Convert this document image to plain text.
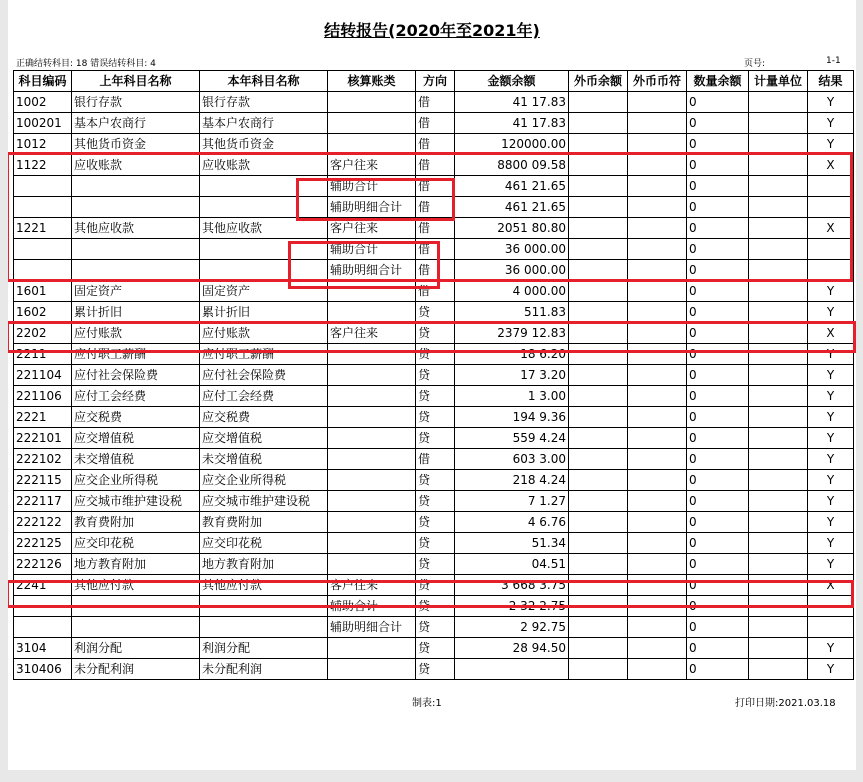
结转报告(2020年至2021年)
正确结转科目: 18 错误结转科目: 4	页号:	1-1
科目编码	上年科目名称	本年科目名称	核算账类	方向	金额余额	外币余额	外币币符	数量余额	计量单位	结果
1002	银行存款	银行存款		借	41 17.83			0		Y
100201	基本户农商行	基本户农商行		借	41 17.83			0		Y
1012	其他货币资金	其他货币资金		借	120000.00			0		Y
1122	应收账款	应收账款	客户往来	借	8800 09.58			0		X
			辅助合计	借	461 21.65			0		
			辅助明细合计	借	461 21.65			0		
1221	其他应收款	其他应收款	客户往来	借	2051 80.80			0		X
			辅助合计	借	36 000.00			0		
			辅助明细合计	借	36 000.00			0		
1601	固定资产	固定资产		借	4 000.00			0		Y
1602	累计折旧	累计折旧		贷	511.83			0		Y
2202	应付账款	应付账款	客户往来	贷	2379 12.83			0		X
2211	应付职工薪酬	应付职工薪酬		贷	18 6.20			0		Y
221104	应付社会保险费	应付社会保险费		贷	17 3.20			0		Y
221106	应付工会经费	应付工会经费		贷	1 3.00			0		Y
2221	应交税费	应交税费		贷	194 9.36			0		Y
222101	应交增值税	应交增值税		贷	559 4.24			0		Y
222102	未交增值税	未交增值税		借	603 3.00			0		Y
222115	应交企业所得税	应交企业所得税		贷	218 4.24			0		Y
222117	应交城市维护建设税	应交城市维护建设税		贷	7 1.27			0		Y
222122	教育费附加	教育费附加		贷	4 6.76			0		Y
222125	应交印花税	应交印花税		贷	51.34			0		Y
222126	地方教育附加	地方教育附加		贷	04.51			0		Y
2241	其他应付款	其他应付款	客户往来	贷	3 668 3.75			0		X
			辅助合计	贷	2 32 2.75			0		
			辅助明细合计	贷	2 92.75			0		
3104	利润分配	利润分配		贷	28 94.50			0		Y
310406	未分配利润	未分配利润		贷				0		Y

制表:1	打印日期:2021.03.18
